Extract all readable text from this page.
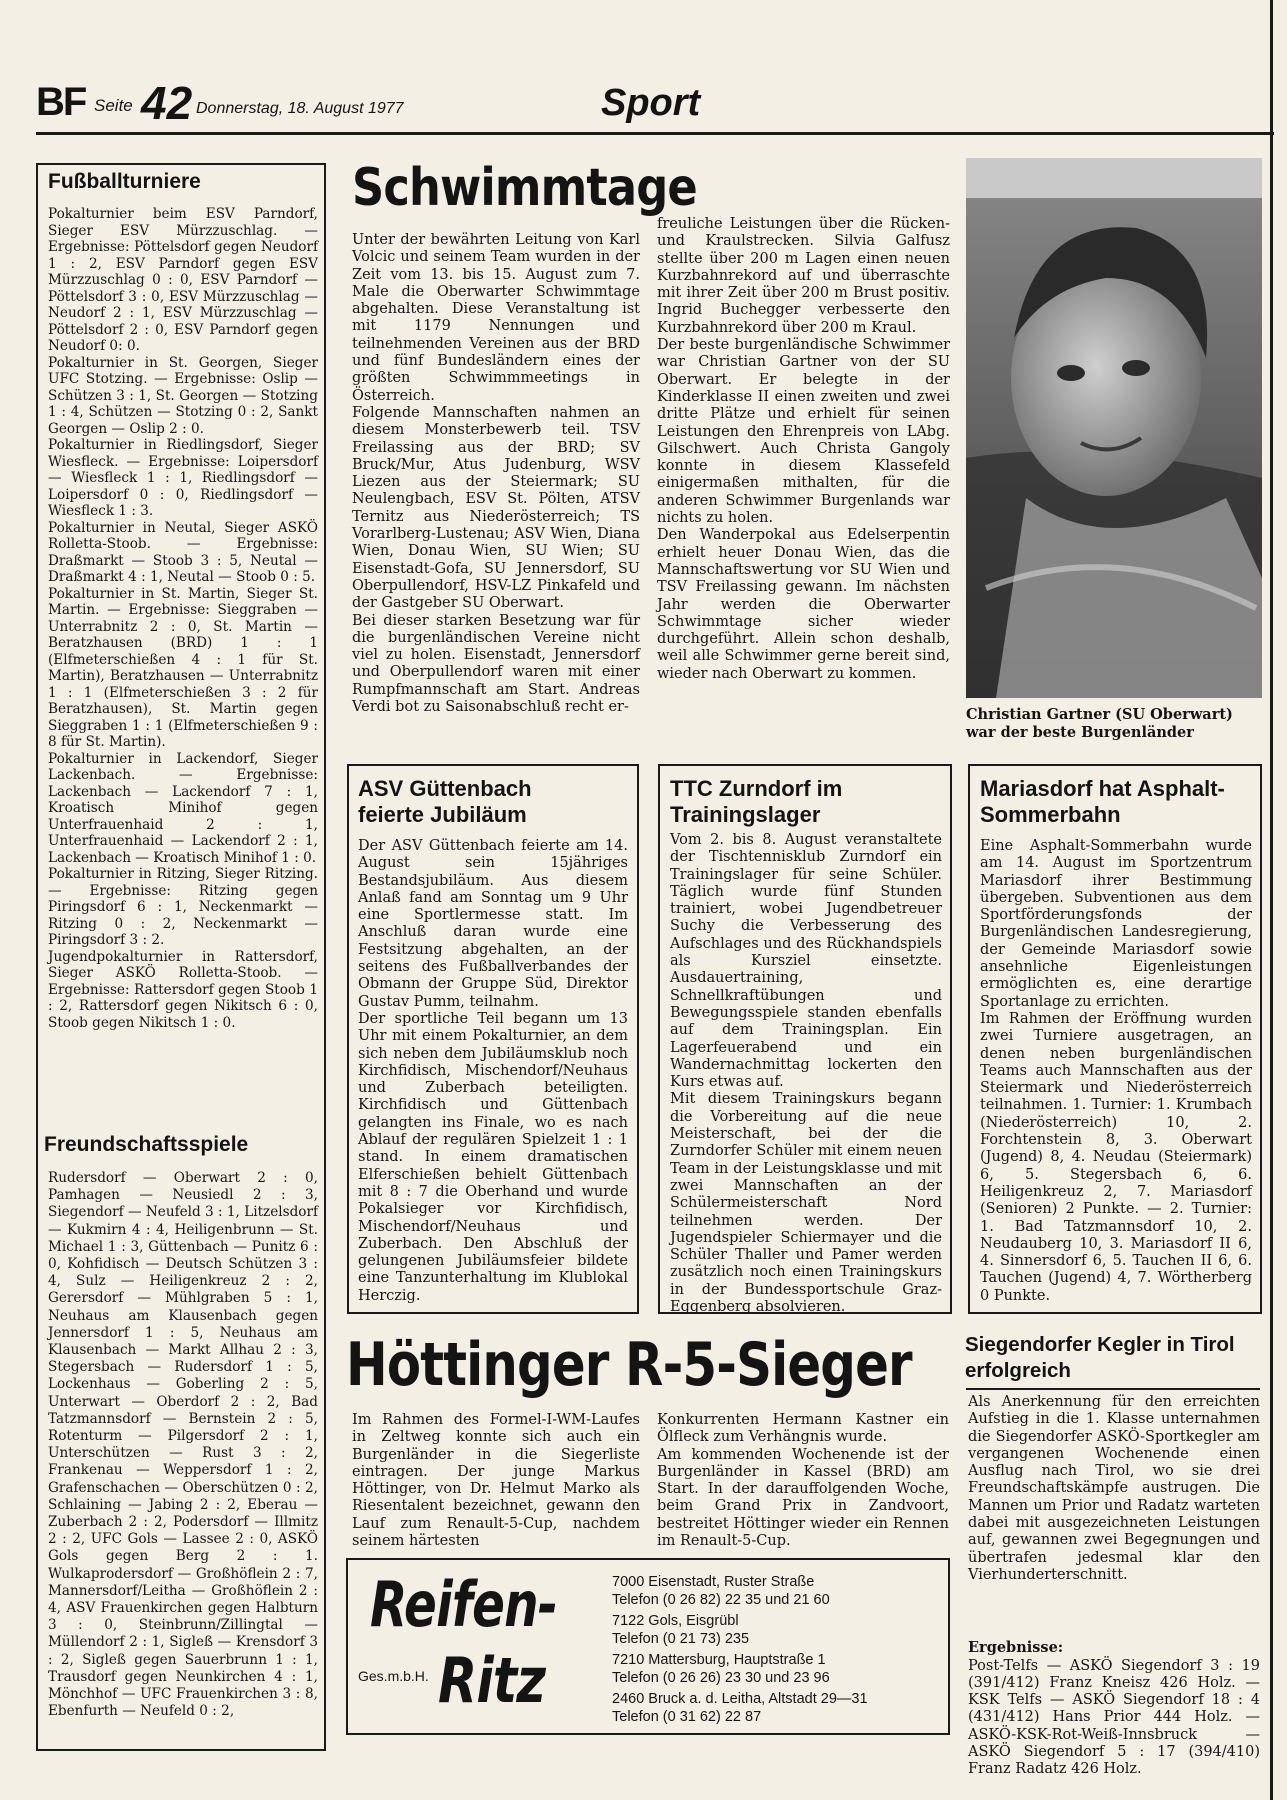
BF Seite 42 Donnerstag, 18. August 1977	Sport
Fußballturniere
Pokalturnier beim ESV Parndorf, Sieger ESV Mürzzuschlag. — Ergebnisse: Pöttelsdorf gegen Neudorf 1 : 2, ESV Parndorf gegen ESV Mürzzuschlag 0 : 0, ESV Parndorf — Pöttelsdorf 3 : 0, ESV Mürzzuschlag — Neudorf 2 : 1, ESV Mürzzuschlag — Pöttelsdorf 2 : 0, ESV Parndorf gegen Neudorf 0: 0.
Pokalturnier in St. Georgen, Sieger UFC Stotzing. — Ergebnisse: Oslip — Schützen 3 : 1, St. Georgen — Stotzing 1 : 4, Schützen — Stotzing 0 : 2, Sankt Georgen — Oslip 2 : 0.
Pokalturnier in Riedlingsdorf, Sieger Wiesfleck. — Ergebnisse: Loipersdorf — Wiesfleck 1 : 1, Riedlingsdorf — Loipersdorf 0 : 0, Riedlingsdorf — Wiesfleck 1 : 3.
Pokalturnier in Neutal, Sieger ASKÖ Rolletta-Stoob. — Ergebnisse: Draßmarkt — Stoob 3 : 5, Neutal — Draßmarkt 4 : 1, Neutal — Stoob 0 : 5.
Pokalturnier in St. Martin, Sieger St. Martin. — Ergebnisse: Sieggraben — Unterrabnitz 2 : 0, St. Martin — Beratzhausen (BRD) 1 : 1 (Elfmeterschießen 4 : 1 für St. Martin), Beratzhausen — Unterrabnitz 1 : 1 (Elfmeterschießen 3 : 2 für Beratzhausen), St. Martin gegen Sieggraben 1 : 1 (Elfmeterschießen 9 : 8 für St. Martin).
Pokalturnier in Lackendorf, Sieger Lackenbach. — Ergebnisse: Lackenbach — Lackendorf 7 : 1, Kroatisch Minihof gegen Unterfrauenhaid 2 : 1, Unterfrauenhaid — Lackendorf 2 : 1, Lackenbach — Kroatisch Minihof 1 : 0.
Pokalturnier in Ritzing, Sieger Ritzing. — Ergebnisse: Ritzing gegen Piringsdorf 6 : 1, Neckenmarkt — Ritzing 0 : 2, Neckenmarkt — Piringsdorf 3 : 2.
Jugendpokalturnier in Rattersdorf, Sieger ASKÖ Rolletta-Stoob. — Ergebnisse: Rattersdorf gegen Stoob 1 : 2, Rattersdorf gegen Nikitsch 6 : 0, Stoob gegen Nikitsch 1 : 0.
Freundschaftsspiele
Rudersdorf — Oberwart 2 : 0, Pamhagen — Neusiedl 2 : 3, Siegendorf — Neufeld 3 : 1, Litzelsdorf — Kukmirn 4 : 4, Heiligenbrunn — St. Michael 1 : 3, Güttenbach — Punitz 6 : 0, Kohfidisch — Deutsch Schützen 3 : 4, Sulz — Heiligenkreuz 2 : 2, Gerersdorf — Mühlgraben 5 : 1, Neuhaus am Klausenbach gegen Jennersdorf 1 : 5, Neuhaus am Klausenbach — Markt Allhau 2 : 3, Stegersbach — Rudersdorf 1 : 5, Lockenhaus — Goberling 2 : 5, Unterwart — Oberdorf 2 : 2, Bad Tatzmannsdorf — Bernstein 2 : 5, Rotenturm — Pilgersdorf 2 : 1, Unterschützen — Rust 3 : 2, Frankenau — Weppersdorf 1 : 2, Grafenschachen — Oberschützen 0 : 2, Schlaining — Jabing 2 : 2, Eberau — Zuberbach 2 : 2, Podersdorf — Illmitz 2 : 2, UFC Gols — Lassee 2 : 0, ASKÖ Gols gegen Berg 2 : 1. Wulkaprodersdorf — Großhöflein 2 : 7, Mannersdorf/Leitha — Großhöflein 2 : 4, ASV Frauenkirchen gegen Halbturn 3 : 0, Steinbrunn/Zillingtal — Müllendorf 2 : 1, Sigleß — Krensdorf 3 : 2, Sigleß gegen Sauerbrunn 1 : 1, Trausdorf gegen Neunkirchen 4 : 1, Mönchhof — UFC Frauenkirchen 3 : 8, Ebenfurth — Neufeld 0 : 2,
Schwimmtage
Unter der bewährten Leitung von Karl Volcic und seinem Team wurden in der Zeit vom 13. bis 15. August zum 7. Male die Oberwarter Schwimmtage abgehalten. Diese Veranstaltung ist mit 1179 Nennungen und teilnehmenden Vereinen aus der BRD und fünf Bundesländern eines der größten Schwimmmeetings in Österreich.
Folgende Mannschaften nahmen an diesem Monsterbewerb teil. TSV Freilassing aus der BRD; SV Bruck/Mur, Atus Judenburg, WSV Liezen aus der Steiermark; SU Neulengbach, ESV St. Pölten, ATSV Ternitz aus Niederösterreich; TS Vorarlberg-Lustenau; ASV Wien, Diana Wien, Donau Wien, SU Wien; SU Eisenstadt-Gofa, SU Jennersdorf, SU Oberpullendorf, HSV-LZ Pinkafeld und der Gastgeber SU Oberwart.
Bei dieser starken Besetzung war für die burgenländischen Vereine nicht viel zu holen. Eisenstadt, Jennersdorf und Oberpullendorf waren mit einer Rumpfmannschaft am Start. Andreas Verdi bot zu Saisonabschluß recht er-
freuliche Leistungen über die Rücken- und Kraulstrecken. Silvia Galfusz stellte über 200 m Lagen einen neuen Kurzbahnrekord auf und überraschte mit ihrer Zeit über 200 m Brust positiv. Ingrid Buchegger verbesserte den Kurzbahnrekord über 200 m Kraul.
Der beste burgenländische Schwimmer war Christian Gartner von der SU Oberwart. Er belegte in der Kinderklasse II einen zweiten und zwei dritte Plätze und erhielt für seinen Leistungen den Ehrenpreis von LAbg. Gilschwert. Auch Christa Gangoly konnte in diesem Klassefeld einigermaßen mithalten, für die anderen Schwimmer Burgenlands war nichts zu holen.
Den Wanderpokal aus Edelserpentin erhielt heuer Donau Wien, das die Mannschaftswertung vor SU Wien und TSV Freilassing gewann. Im nächsten Jahr werden die Oberwarter Schwimmtage sicher wieder durchgeführt. Allein schon deshalb, weil alle Schwimmer gerne bereit sind, wieder nach Oberwart zu kommen.
Christian Gartner (SU Oberwart) war der beste Burgenländer
ASV Güttenbach feierte Jubiläum
Der ASV Güttenbach feierte am 14. August sein 15jähriges Bestandsjubiläum. Aus diesem Anlaß fand am Sonntag um 9 Uhr eine Sportlermesse statt. Im Anschluß daran wurde eine Festsitzung abgehalten, an der seitens des Fußballverbandes der Obmann der Gruppe Süd, Direktor Gustav Pumm, teilnahm.
Der sportliche Teil begann um 13 Uhr mit einem Pokalturnier, an dem sich neben dem Jubiläumsklub noch Kirchfidisch, Mischendorf/Neuhaus und Zuberbach beteiligten. Kirchfidisch und Güttenbach gelangten ins Finale, wo es nach Ablauf der regulären Spielzeit 1 : 1 stand. In einem dramatischen Elferschießen behielt Güttenbach mit 8 : 7 die Oberhand und wurde Pokalsieger vor Kirchfidisch, Mischendorf/Neuhaus und Zuberbach. Den Abschluß der gelungenen Jubiläumsfeier bildete eine Tanzunterhaltung im Klublokal Herczig.
TTC Zurndorf im Trainingslager
Vom 2. bis 8. August veranstaltete der Tischtennisklub Zurndorf ein Trainingslager für seine Schüler. Täglich wurde fünf Stunden trainiert, wobei Jugendbetreuer Suchy die Verbesserung des Aufschlages und des Rückhandspiels als Kursziel einsetzte. Ausdauertraining, Schnellkraftübungen und Bewegungsspiele standen ebenfalls auf dem Trainingsplan. Ein Lagerfeuerabend und ein Wandernachmittag lockerten den Kurs etwas auf.
Mit diesem Trainingskurs begann die Vorbereitung auf die neue Meisterschaft, bei der die Zurndorfer Schüler mit einem neuen Team in der Leistungsklasse und mit zwei Mannschaften an der Schülermeisterschaft Nord teilnehmen werden. Der Jugendspieler Schiermayer und die Schüler Thaller und Pamer werden zusätzlich noch einen Trainingskurs in der Bundessportschule Graz-Eggenberg absolvieren.
Mariasdorf hat Asphalt-Sommerbahn
Eine Asphalt-Sommerbahn wurde am 14. August im Sportzentrum Mariasdorf ihrer Bestimmung übergeben. Subventionen aus dem Sportförderungsfonds der Burgenländischen Landesregierung, der Gemeinde Mariasdorf sowie ansehnliche Eigenleistungen ermöglichten es, eine derartige Sportanlage zu errichten.
Im Rahmen der Eröffnung wurden zwei Turniere ausgetragen, an denen neben burgenländischen Teams auch Mannschaften aus der Steiermark und Niederösterreich teilnahmen. 1. Turnier: 1. Krumbach (Niederösterreich) 10, 2. Forchtenstein 8, 3. Oberwart (Jugend) 8, 4. Neudau (Steiermark) 6, 5. Stegersbach 6, 6. Heiligenkreuz 2, 7. Mariasdorf (Senioren) 2 Punkte. — 2. Turnier: 1. Bad Tatzmannsdorf 10, 2. Neudauberg 10, 3. Mariasdorf II 6, 4. Sinnersdorf 6, 5. Tauchen II 6, 6. Tauchen (Jugend) 4, 7. Wörtherberg 0 Punkte.
Höttinger R-5-Sieger
Im Rahmen des Formel-I-WM-Laufes in Zeltweg konnte sich auch ein Burgenländer in die Siegerliste eintragen. Der junge Markus Höttinger, von Dr. Helmut Marko als Riesentalent bezeichnet, gewann den Lauf zum Renault-5-Cup, nachdem seinem härtesten
Konkurrenten Hermann Kastner ein Ölfleck zum Verhängnis wurde.
Am kommenden Wochenende ist der Burgenländer in Kassel (BRD) am Start. In der darauffolgenden Woche, beim Grand Prix in Zandvoort, bestreitet Höttinger wieder ein Rennen im Renault-5-Cup.
Siegendorfer Kegler in Tirol erfolgreich
Als Anerkennung für den erreichten Aufstieg in die 1. Klasse unternahmen die Siegendorfer ASKÖ-Sportkegler am vergangenen Wochenende einen Ausflug nach Tirol, wo sie drei Freundschaftskämpfe austrugen. Die Mannen um Prior und Radatz warteten dabei mit ausgezeichneten Leistungen auf, gewannen zwei Begegnungen und übertrafen jedesmal klar den Vierhunderterschnitt.

Ergebnisse:
Post-Telfs — ASKÖ Siegendorf 3 : 19 (391/412) Franz Kneisz 426 Holz. — KSK Telfs — ASKÖ Siegendorf 18 : 4 (431/412) Hans Prior 444 Holz. — ASKÖ-KSK-Rot-Weiß-Innsbruck — ASKÖ Siegendorf 5 : 17 (394/410) Franz Radatz 426 Holz.

Reifen-
Ges.m.b.H. Ritz
7000 Eisenstadt, Ruster Straße
Telefon (0 26 82) 22 35 und 21 60
7122 Gols, Eisgrübl
Telefon (0 21 73) 235
7210 Mattersburg, Hauptstraße 1
Telefon (0 26 26) 23 30 und 23 96
2460 Bruck a. d. Leitha, Altstadt 29—31
Telefon (0 31 62) 22 87
